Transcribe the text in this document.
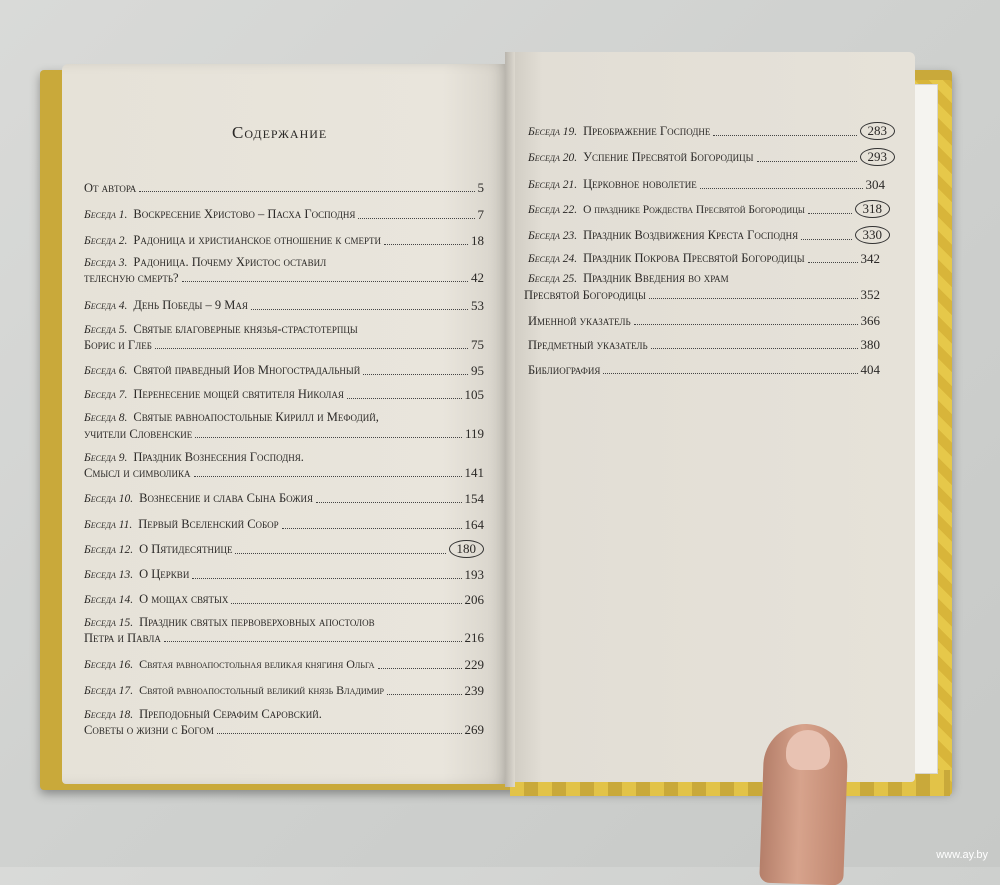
Содержание
От автора	5
Беседа 1. Воскресение Христово – Пасха Господня	7
Беседа 2. Радоница и христианское отношение к смерти	18
Беседа 3. Радоница. Почему Христос оставил
телесную смерть?	42
Беседа 4. День Победы – 9 Мая	53
Беседа 5. Святые благоверные князья-страстотерпцы
Борис и Глеб	75
Беседа 6. Святой праведный Иов Многострадальный	95
Беседа 7. Перенесение мощей святителя Николая	105
Беседа 8. Святые равноапостольные Кирилл и Мефодий,
учители Словенские	119
Беседа 9. Праздник Вознесения Господня.
Смысл и символика	141
Беседа 10. Вознесение и слава Сына Божия	154
Беседа 11. Первый Вселенский Собор	164
Беседа 12. О Пятидесятнице	180
Беседа 13. О Церкви	193
Беседа 14. О мощах святых	206
Беседа 15. Праздник святых первоверховных апостолов
Петра и Павла	216
Беседа 16. Святая равноапостольная великая княгиня Ольга	229
Беседа 17. Святой равноапостольный великий князь Владимир	239
Беседа 18. Преподобный Серафим Саровский.
Советы о жизни с Богом	269
Беседа 19. Преображение Господне	283
Беседа 20. Успение Пресвятой Богородицы	293
Беседа 21. Церковное новолетие	304
Беседа 22. О празднике Рождества Пресвятой Богородицы	318
Беседа 23. Праздник Воздвижения Креста Господня	330
Беседа 24. Праздник Покрова Пресвятой Богородицы	342
Беседа 25. Праздник Введения во храм
Пресвятой Богородицы	352
Именной указатель	366
Предметный указатель	380
Библиография	404
www.ay.by
